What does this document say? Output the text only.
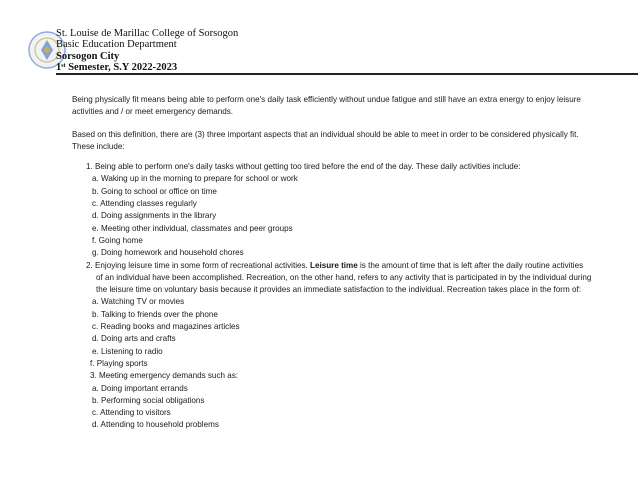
St. Louise de Marillac College of Sorsogon
Basic Education Department
Sorsogon City
1st Semester, S.Y 2022-2023

Being physically fit means being able to perform one's daily task efficiently without undue fatigue and still have an extra energy to enjoy leisure activities and / or meet emergency demands.

Based on this definition, there are (3) three important aspects that an individual should be able to meet in order to be considered physically fit. These include:

1. Being able to perform one's daily tasks without getting too tired before the end of the day. These daily activities include:

a. Waking up in the morning to prepare for school or work

b. Going to school or office on time

c. Attending classes regularly

d. Doing assignments in the library

e. Meeting other individual, classmates and peer groups

f. Going home

g. Doing homework and household chores

2. Enjoying leisure time in some form of recreational activities. Leisure time is the amount of time that is left after the daily routine activities of an individual have been accomplished. Recreation, on the other hand, refers to any activity that is participated in by the individual during the leisure time on voluntary basis because it provides an immediate satisfaction to the individual. Recreation takes place in the form of:

a. Watching TV or movies

b. Talking to friends over the phone

c. Reading books and magazines articles

d. Doing arts and crafts

e. Listening to radio

f. Playing sports

3. Meeting emergency demands such as:

a. Doing important errands

b. Performing social obligations

c. Attending to visitors

d. Attending to household problems
